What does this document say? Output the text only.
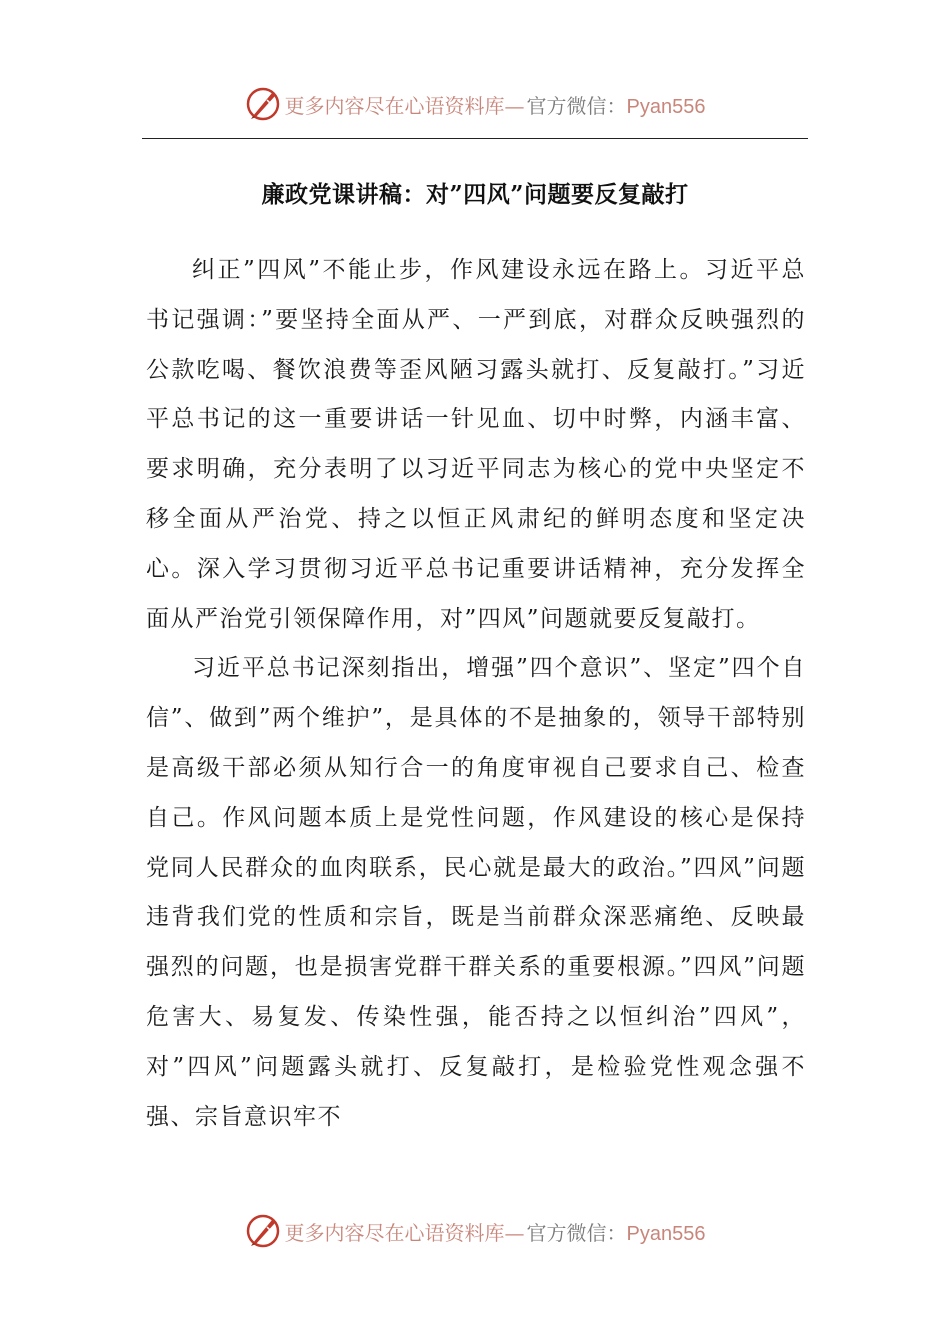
更多内容尽在心语资料库— 官方微信：Pyan556
廉政党课讲稿：对”四风”问题要反复敲打

纠正”四风”不能止步，作风建设永远在路上。习近平总书记强调：”要坚持全面从严、一严到底，对群众反映强烈的公款吃喝、餐饮浪费等歪风陋习露头就打、反复敲打。”习近平总书记的这一重要讲话一针见血、切中时弊，内涵丰富、要求明确，充分表明了以习近平同志为核心的党中央坚定不移全面从严治党、持之以恒正风肃纪的鲜明态度和坚定决心。深入学习贯彻习近平总书记重要讲话精神，充分发挥全面从严治党引领保障作用，对”四风”问题就要反复敲打。

习近平总书记深刻指出，增强”四个意识”、坚定”四个自信”、做到”两个维护”，是具体的不是抽象的，领导干部特别是高级干部必须从知行合一的角度审视自己要求自己、检查自己。作风问题本质上是党性问题，作风建设的核心是保持党同人民群众的血肉联系，民心就是最大的政治。”四风”问题违背我们党的性质和宗旨，既是当前群众深恶痛绝、反映最强烈的问题，也是损害党群干群关系的重要根源。”四风”问题危害大、易复发、传染性强，能否持之以恒纠治”四风”，对”四风”问题露头就打、反复敲打，是检验党性观念强不强、宗旨意识牢不

更多内容尽在心语资料库— 官方微信：Pyan556
